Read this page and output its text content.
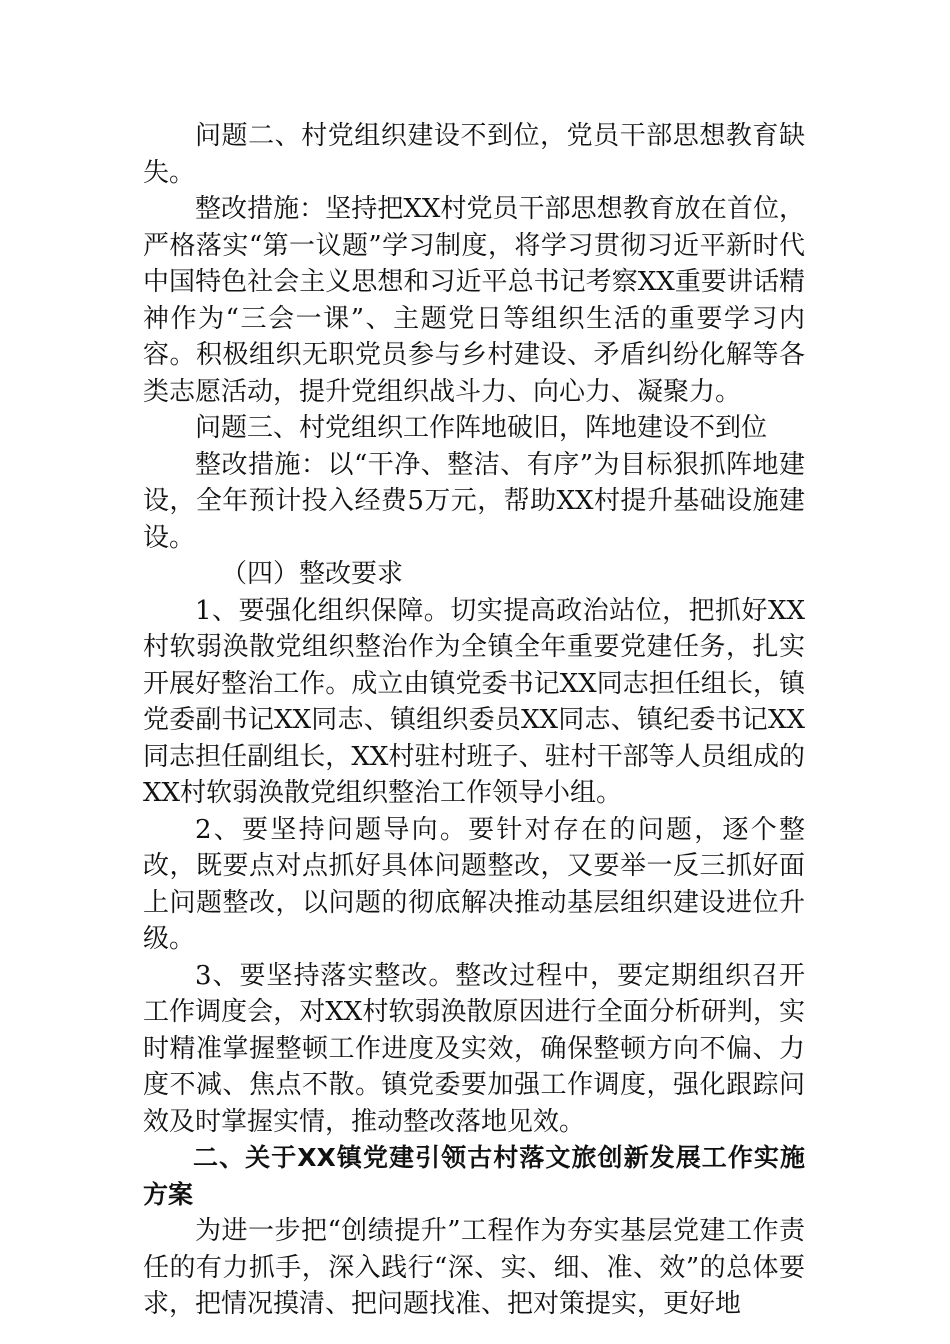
问题二、村党组织建设不到位，党员干部思想教育缺失。

整改措施：坚持把XX村党员干部思想教育放在首位，严格落实“第一议题”学习制度，将学习贯彻习近平新时代中国特色社会主义思想和习近平总书记考察XX重要讲话精神作为“三会一课”、主题党日等组织生活的重要学习内容。积极组织无职党员参与乡村建设、矛盾纠纷化解等各类志愿活动，提升党组织战斗力、向心力、凝聚力。

问题三、村党组织工作阵地破旧，阵地建设不到位

整改措施：以“干净、整洁、有序”为目标狠抓阵地建设，全年预计投入经费5万元，帮助XX村提升基础设施建设。

（四）整改要求

1、要强化组织保障。切实提高政治站位，把抓好XX村软弱涣散党组织整治作为全镇全年重要党建任务，扎实开展好整治工作。成立由镇党委书记XX同志担任组长，镇党委副书记XX同志、镇组织委员XX同志、镇纪委书记XX同志担任副组长，XX村驻村班子、驻村干部等人员组成的XX村软弱涣散党组织整治工作领导小组。

2、要坚持问题导向。要针对存在的问题，逐个整改，既要点对点抓好具体问题整改，又要举一反三抓好面上问题整改，以问题的彻底解决推动基层组织建设进位升级。

3、要坚持落实整改。整改过程中，要定期组织召开工作调度会，对XX村软弱涣散原因进行全面分析研判，实时精准掌握整顿工作进度及实效，确保整顿方向不偏、力度不减、焦点不散。镇党委要加强工作调度，强化跟踪问效及时掌握实情，推动整改落地见效。

二、关于XX镇党建引领古村落文旅创新发展工作实施方案

为进一步把“创绩提升”工程作为夯实基层党建工作责任的有力抓手，深入践行“深、实、细、准、效”的总体要求，把情况摸清、把问题找准、把对策提实，更好地
